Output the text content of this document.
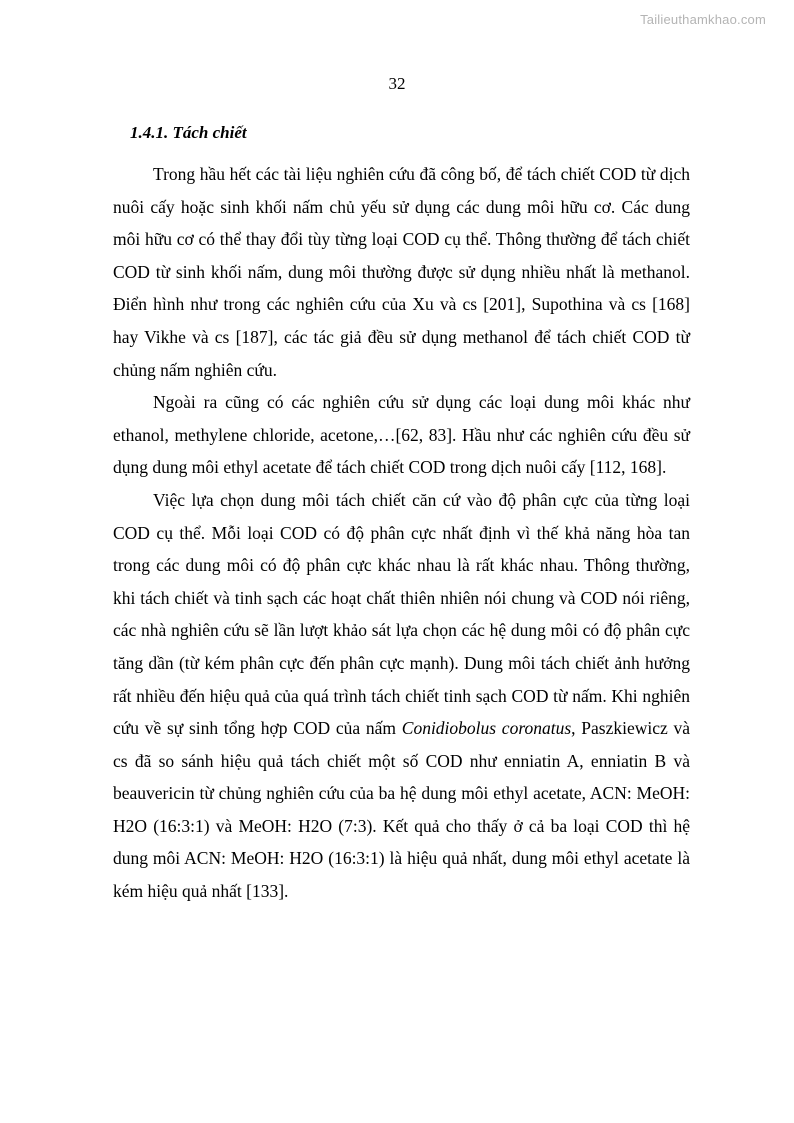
Tailieuthamkhao.com
32
1.4.1. Tách chiết

Trong hầu hết các tài liệu nghiên cứu đã công bố, để tách chiết COD từ dịch nuôi cấy hoặc sinh khối nấm chủ yếu sử dụng các dung môi hữu cơ. Các dung môi hữu cơ có thể thay đổi tùy từng loại COD cụ thể. Thông thường để tách chiết COD từ sinh khối nấm, dung môi thường được sử dụng nhiều nhất là methanol. Điển hình như trong các nghiên cứu của Xu và cs [201], Supothina và cs [168] hay Vikhe và cs [187], các tác giả đều sử dụng methanol để tách chiết COD từ chủng nấm nghiên cứu.

Ngoài ra cũng có các nghiên cứu sử dụng các loại dung môi khác như ethanol, methylene chloride, acetone,…[62, 83]. Hầu như các nghiên cứu đều sử dụng dung môi ethyl acetate để tách chiết COD trong dịch nuôi cấy [112, 168].

Việc lựa chọn dung môi tách chiết căn cứ vào độ phân cực của từng loại COD cụ thể. Mỗi loại COD có độ phân cực nhất định vì thế khả năng hòa tan trong các dung môi có độ phân cực khác nhau là rất khác nhau. Thông thường, khi tách chiết và tinh sạch các hoạt chất thiên nhiên nói chung và COD nói riêng, các nhà nghiên cứu sẽ lần lượt khảo sát lựa chọn các hệ dung môi có độ phân cực tăng dần (từ kém phân cực đến phân cực mạnh). Dung môi tách chiết ảnh hưởng rất nhiều đến hiệu quả của quá trình tách chiết tinh sạch COD từ nấm. Khi nghiên cứu về sự sinh tổng hợp COD của nấm Conidiobolus coronatus, Paszkiewicz và cs đã so sánh hiệu quả tách chiết một số COD như enniatin A, enniatin B và beauvericin từ chủng nghiên cứu của ba hệ dung môi ethyl acetate, ACN: MeOH: H2O (16:3:1) và MeOH: H2O (7:3). Kết quả cho thấy ở cả ba loại COD thì hệ dung môi ACN: MeOH: H2O (16:3:1) là hiệu quả nhất, dung môi ethyl acetate là kém hiệu quả nhất [133].
